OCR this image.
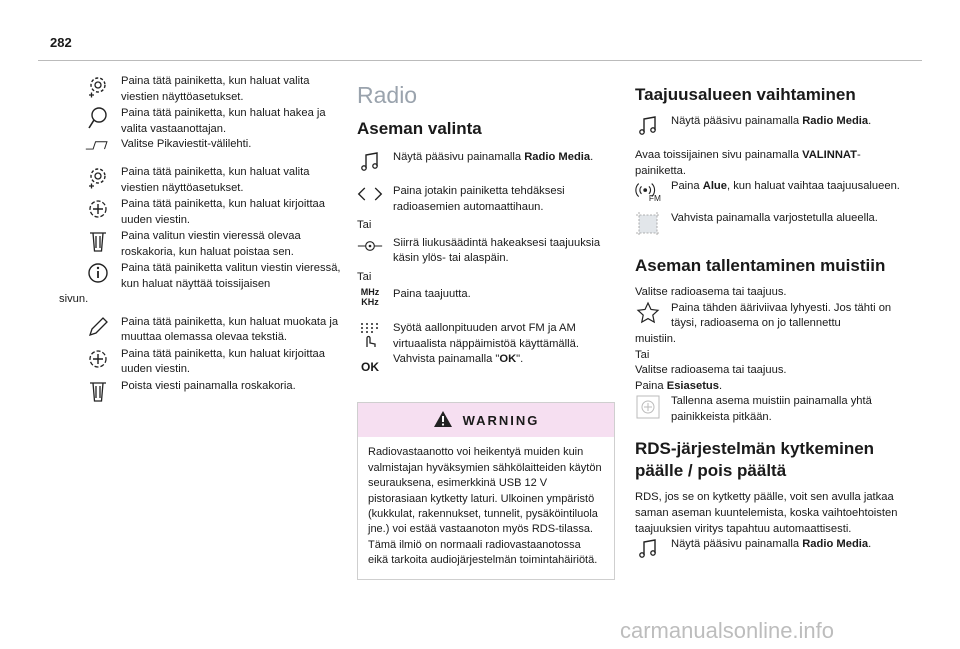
282
Paina tätä painiketta, kun haluat valita viestien näyttöasetukset.
Paina tätä painiketta, kun haluat hakea ja valita vastaanottajan.
Valitse Pikaviestit-välilehti.
Paina tätä painiketta, kun haluat valita viestien näyttöasetukset.
Paina tätä painiketta, kun haluat kirjoittaa uuden viestin.
Paina valitun viestin vieressä olevaa roskakoria, kun haluat poistaa sen.
Paina tätä painiketta valitun viestin vieressä, kun haluat näyttää toissijaisen
sivun.
Paina tätä painiketta, kun haluat muokata ja muuttaa olemassa olevaa tekstiä.
Paina tätä painiketta, kun haluat kirjoittaa uuden viestin.
Poista viesti painamalla roskakoria.
Radio
Aseman valinta
Näytä pääsivu painamalla Radio Media.
Paina jotakin painiketta tehdäksesi radioasemien automaattihaun.
Tai
Siirrä liukusäädintä hakeaksesi taajuuksia käsin ylös- tai alaspäin.
Tai
MHz
KHz
Paina taajuutta.
Syötä aallonpituuden arvot FM ja AM virtuaalista näppäimistöä käyttämällä.
OK
Vahvista painamalla "OK".
WARNING
Radiovastaanotto voi heikentyä muiden kuin valmistajan hyväksymien sähkölaitteiden käytön seurauksena, esimerkkinä USB 12 V pistorasiaan kytketty laturi. Ulkoinen ympäristö (kukkulat, rakennukset, tunnelit, pysäköintiluola jne.) voi estää vastaanoton myös RDS-tilassa. Tämä ilmiö on normaali radiovastaanotossa eikä tarkoita audiojärjestelmän toimintahäiriötä.
Taajuusalueen vaihtaminen
Näytä pääsivu painamalla Radio Media.
Avaa toissijainen sivu painamalla VALINNAT-painiketta.
FM
Paina Alue, kun haluat vaihtaa taajuusalueen.
Vahvista painamalla varjostetulla alueella.
Aseman tallentaminen muistiin
Valitse radioasema tai taajuus.
Paina tähden ääriviivaa lyhyesti. Jos tähti on täysi, radioasema on jo tallennettu
muistiin.
Tai
Valitse radioasema tai taajuus.
Paina Esiasetus.
Tallenna asema muistiin painamalla yhtä painikkeista pitkään.
RDS-järjestelmän kytkeminen päälle / pois päältä
RDS, jos se on kytketty päälle, voit sen avulla jatkaa saman aseman kuuntelemista, koska vaihtoehtoisten taajuuksien viritys tapahtuu automaattisesti.
Näytä pääsivu painamalla Radio Media.
carmanualsonline.info
